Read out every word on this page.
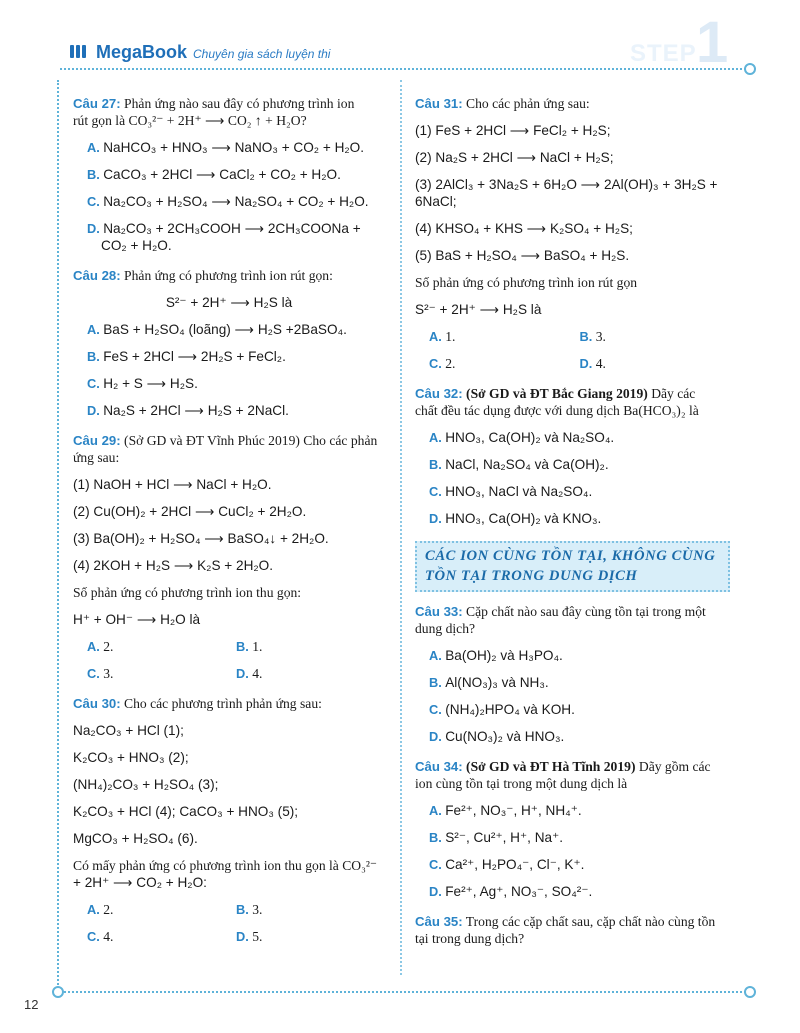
MegaBook Chuyên gia sách luyện thi	STEP 1

Câu 27: Phản ứng nào sau đây có phương trình ion

rút gọn là CO₃²⁻ + 2H⁺ ⟶ CO₂ ↑ + H₂O?

A. NaHCO₃ + HNO₃ ⟶ NaNO₃ + CO₂ + H₂O.

B. CaCO₃ + 2HCl ⟶ CaCl₂ + CO₂ + H₂O.

C. Na₂CO₃ + H₂SO₄ ⟶ Na₂SO₄ + CO₂ + H₂O.

D. Na₂CO₃ + 2CH₃COOH ⟶ 2CH₃COONa +

CO₂ + H₂O.

Câu 28: Phản ứng có phương trình ion rút gọn:

S²⁻ + 2H⁺ ⟶ H₂S là

A. BaS + H₂SO₄ (loãng) ⟶ H₂S +2BaSO₄.

B. FeS + 2HCl ⟶ 2H₂S + FeCl₂.

C. H₂ + S ⟶ H₂S.

D. Na₂S + 2HCl ⟶ H₂S + 2NaCl.

Câu 29: (Sở GD và ĐT Vĩnh Phúc 2019) Cho các phản

ứng sau:

(1) NaOH + HCl ⟶ NaCl + H₂O.

(2) Cu(OH)₂ + 2HCl ⟶ CuCl₂ + 2H₂O.

(3) Ba(OH)₂ + H₂SO₄ ⟶ BaSO₄↓ + 2H₂O.

(4) 2KOH + H₂S ⟶ K₂S + 2H₂O.

Số phản ứng có phương trình ion thu gọn:

H⁺ + OH⁻ ⟶ H₂O là

A. 2.	B. 1.
C. 3.	D. 4.

Câu 30: Cho các phương trình phản ứng sau:

Na₂CO₃ + HCl (1);

K₂CO₃ + HNO₃ (2);

(NH₄)₂CO₃ + H₂SO₄ (3);

K₂CO₃ + HCl (4); CaCO₃ + HNO₃ (5);

MgCO₃ + H₂SO₄ (6).

Có mấy phản ứng có phương trình ion thu gọn là CO₃²⁻

+ 2H⁺ ⟶ CO₂ + H₂O:

A. 2.	B. 3.
C. 4.	D. 5.

Câu 31: Cho các phản ứng sau:

(1) FeS + 2HCl ⟶ FeCl₂ + H₂S;

(2) Na₂S + 2HCl ⟶ NaCl + H₂S;

(3) 2AlCl₃ + 3Na₂S + 6H₂O ⟶ 2Al(OH)₃ + 3H₂S +

6NaCl;

(4) KHSO₄ + KHS ⟶ K₂SO₄ + H₂S;

(5) BaS + H₂SO₄ ⟶ BaSO₄ + H₂S.

Số phản ứng có phương trình ion rút gọn

S²⁻ + 2H⁺ ⟶ H₂S là

A. 1.	B. 3.
C. 2.	D. 4.

Câu 32: (Sở GD và ĐT Bắc Giang 2019) Dãy các

chất đều tác dụng được với dung dịch Ba(HCO₃)₂ là

A. HNO₃, Ca(OH)₂ và Na₂SO₄.

B. NaCl, Na₂SO₄ và Ca(OH)₂.

C. HNO₃, NaCl và Na₂SO₄.

D. HNO₃, Ca(OH)₂ và KNO₃.

CÁC ION CÙNG TỒN TẠI, KHÔNG CÙNG
TỒN TẠI TRONG DUNG DỊCH

Câu 33: Cặp chất nào sau đây cùng tồn tại trong một

dung dịch?

A. Ba(OH)₂ và H₃PO₄.

B. Al(NO₃)₃ và NH₃.

C. (NH₄)₂HPO₄ và KOH.

D. Cu(NO₃)₂ và HNO₃.

Câu 34: (Sở GD và ĐT Hà Tĩnh 2019) Dãy gồm các

ion cùng tồn tại trong một dung dịch là

A. Fe²⁺, NO₃⁻, H⁺, NH₄⁺.

B. S²⁻, Cu²⁺, H⁺, Na⁺.

C. Ca²⁺, H₂PO₄⁻, Cl⁻, K⁺.

D. Fe²⁺, Ag⁺, NO₃⁻, SO₄²⁻.

Câu 35: Trong các cặp chất sau, cặp chất nào cùng tồn

tại trong dung dịch?

12
